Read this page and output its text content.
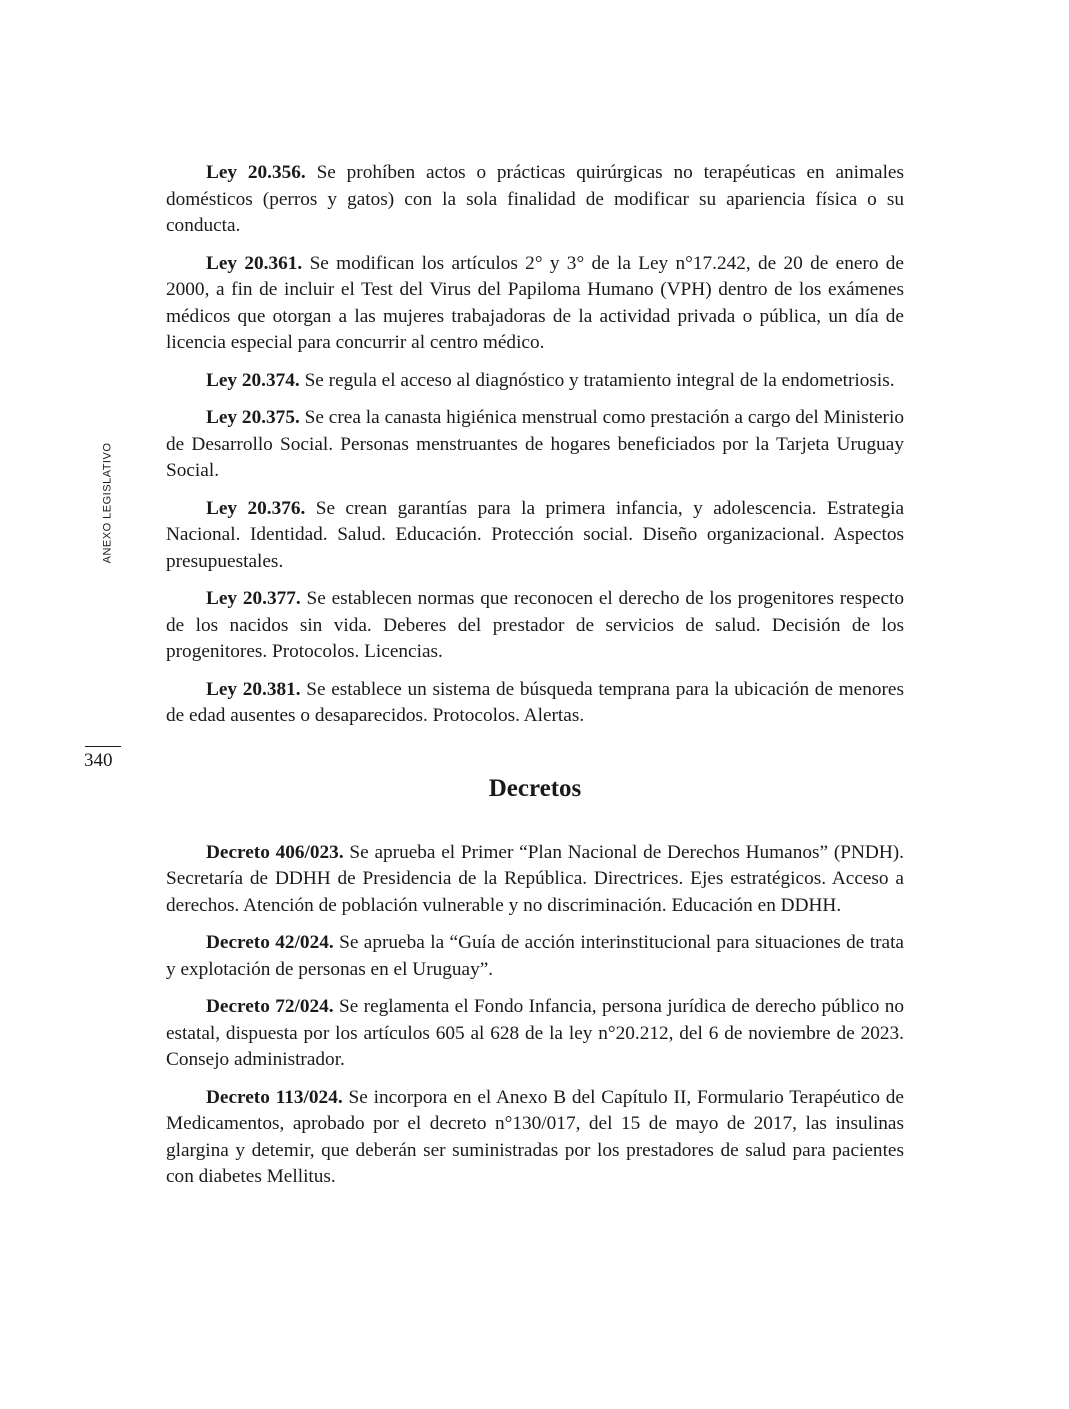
ANEXO LEGISLATIVO
340

Ley 20.356. Se prohíben actos o prácticas quirúrgicas no terapéuticas en animales domésticos (perros y gatos) con la sola finalidad de modificar su apariencia física o su conducta.

Ley 20.361. Se modifican los artículos 2° y 3° de la Ley n°17.242, de 20 de enero de 2000, a fin de incluir el Test del Virus del Papiloma Humano (VPH) dentro de los exámenes médicos que otorgan a las mujeres trabajadoras de la actividad privada o pública, un día de licencia especial para concurrir al centro médico.

Ley 20.374. Se regula el acceso al diagnóstico y tratamiento integral de la endometriosis.

Ley 20.375. Se crea la canasta higiénica menstrual como prestación a cargo del Ministerio de Desarrollo Social. Personas menstruantes de hogares beneficiados por la Tarjeta Uruguay Social.

Ley 20.376. Se crean garantías para la primera infancia, y adolescencia. Estrategia Nacional. Identidad. Salud. Educación. Protección social. Diseño organizacional. Aspectos presupuestales.

Ley 20.377. Se establecen normas que reconocen el derecho de los progenitores respecto de los nacidos sin vida. Deberes del prestador de servicios de salud. Decisión de los progenitores. Protocolos. Licencias.

Ley 20.381. Se establece un sistema de búsqueda temprana para la ubicación de menores de edad ausentes o desaparecidos. Protocolos. Alertas.

Decretos

Decreto 406/023. Se aprueba el Primer “Plan Nacional de Derechos Humanos” (PNDH). Secretaría de DDHH de Presidencia de la República. Directrices. Ejes estratégicos. Acceso a derechos. Atención de población vulnerable y no discriminación. Educación en DDHH.

Decreto 42/024. Se aprueba la “Guía de acción interinstitucional para situaciones de trata y explotación de personas en el Uruguay”.

Decreto 72/024. Se reglamenta el Fondo Infancia, persona jurídica de derecho público no estatal, dispuesta por los artículos 605 al 628 de la ley n°20.212, del 6 de noviembre de 2023. Consejo administrador.

Decreto 113/024. Se incorpora en el Anexo B del Capítulo II, Formulario Terapéutico de Medicamentos, aprobado por el decreto n°130/017, del 15 de mayo de 2017, las insulinas glargina y detemir, que deberán ser suministradas por los prestadores de salud para pacientes con diabetes Mellitus.
